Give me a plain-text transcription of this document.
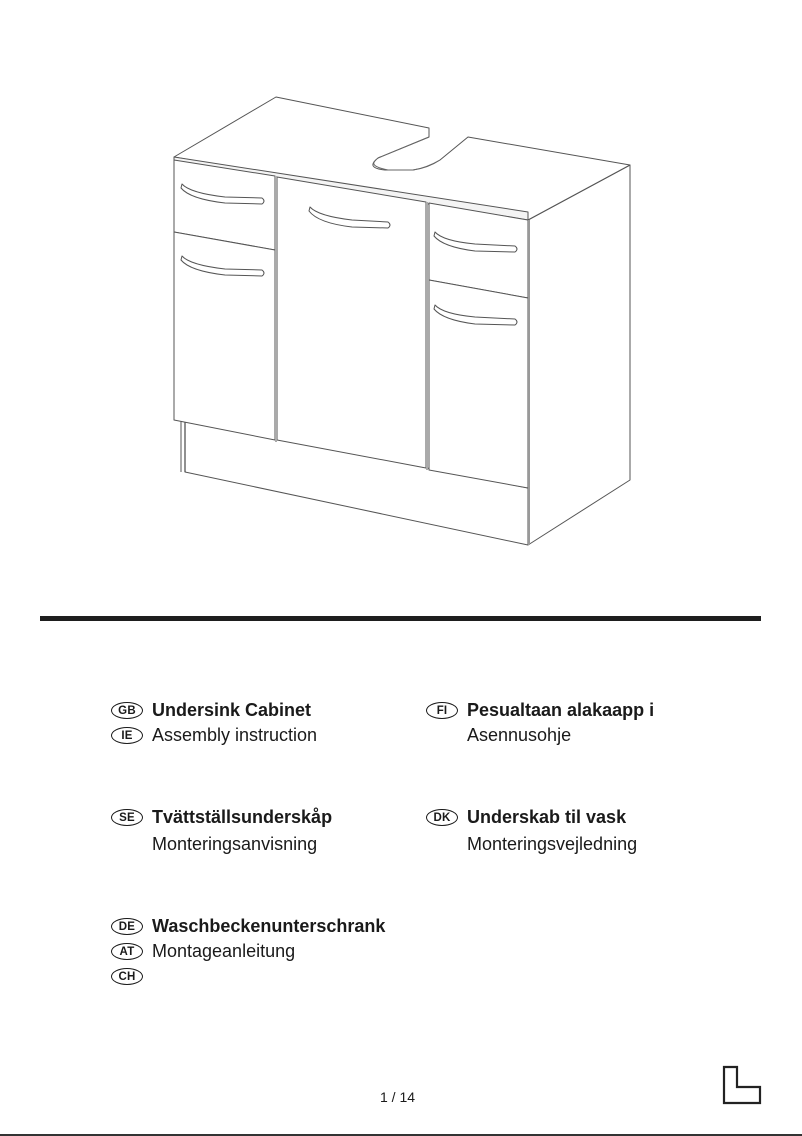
GB Undersink Cabinet
IE	Assembly instruction
FI	Pesualtaan alakaapp i
Asennusohje
SE Tvättställsunderskåp
Monteringsanvisning
DK Underskab til vask
Monteringsvejledning
DE Waschbeckenunterschrank
AT Montageanleitung
CH
1 / 14
